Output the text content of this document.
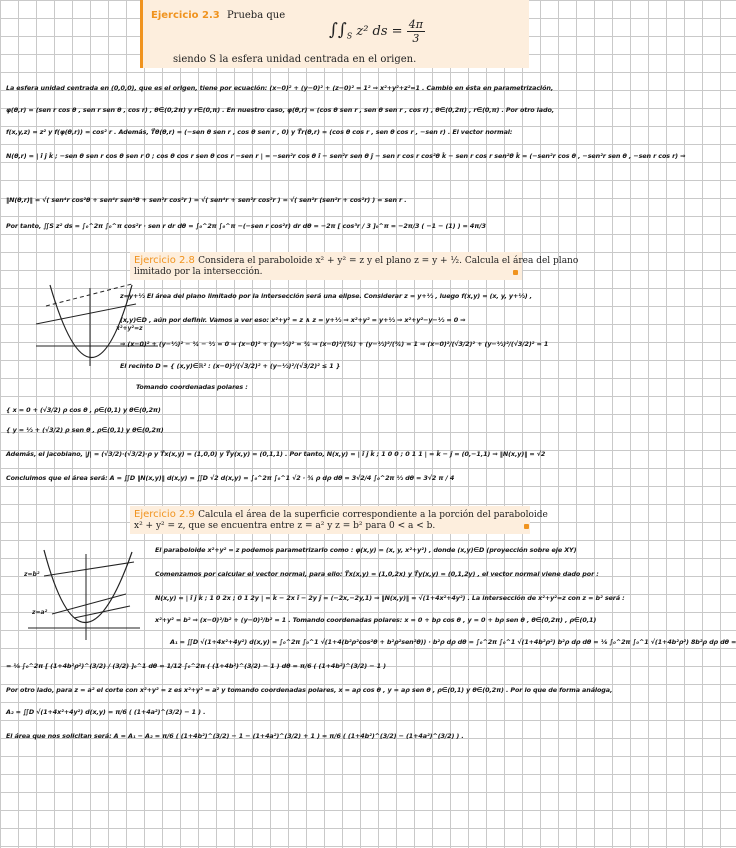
Ejercicio 2.3 Prueba que
$\int\int_S$ z² ds = $\frac{4\pi}{3}$
siendo S la esfera unidad centrada en el origen.
La esfera unidad centrada en (0,0,0), que es el origen, tiene por ecuación: (x−0)² + (y−0)² + (z−0)² = 1² ⇒ x²+y²+z²=1 . Cambio en ésta en parametrización,
φ(θ,r) = (sen r cos θ , sen r sen θ , cos r) , θ∈(0,2π) y r∈(0,π) . En nuestro caso, φ(θ,r) = (cos θ sen r , sen θ sen r , cos r) , θ∈(0,2π) , r∈(0,π) . Por otro lado,
f(x,y,z) = z² y f(φ(θ,r)) = cos² r . Además, T⃗θ(θ,r) = (−sen θ sen r , cos θ sen r , 0) y T⃗r(θ,r) = (cos θ cos r , sen θ cos r , −sen r) . El vector normal:
N(θ,r) = | î ĵ k̂ ; −sen θ sen r cos θ sen r 0 ; cos θ cos r sen θ cos r −sen r | = −sen²r cos θ î − sen²r sen θ ĵ − sen r cos r cos²θ k̂ − sen r cos r sen²θ k̂ = (−sen²r cos θ , −sen²r sen θ , −sen r cos r) ⇒
‖N(θ,r)‖ = √( sen⁴r cos²θ + sen⁴r sen²θ + sen²r cos²r ) = √( sen⁴r + sen²r cos²r ) = √( sen²r (sen²r + cos²r) ) = sen r .
Por tanto, ∬S z² ds = ∫₀^2π ∫₀^π cos²r · sen r dr dθ = ∫₀^2π ∫₀^π −(−sen r cos²r) dr dθ = −2π [ cos³r / 3 ]₀^π = −2π/3 ( −1 − (1) ) = 4π/3
Ejercicio 2.8 Considera el paraboloide x² + y² = z y el plano z = y + ½. Calcula el área del plano
limitado por la intersección.
x²+y²=z
z=y+½ El área del plano limitado por la intersección será una elipse. Considerar z = y+½ , luego f(x,y) = (x, y, y+½) ,
(x,y)∈D , aún por definir. Vamos a ver eso: x²+y² = z ∧ z = y+½ ⇒ x²+y² = y+½ ⇒ x²+y²−y−½ = 0 ⇒
⇒ (x−0)² + (y−½)² − ¼ − ½ = 0 ⇒ (x−0)² + (y−½)² = ¾ ⇒ (x−0)²/(¾) + (y−½)²/(¾) = 1 ⇒ (x−0)²/(√3/2)² + (y−½)²/(√3/2)² = 1
El recinto D = { (x,y)∈ℝ² : (x−0)²/(√3/2)² + (y−½)²/(√3/2)² ≤ 1 }
Tomando coordenadas polares :
{ x = 0 + (√3/2) ρ cos θ , ρ∈(0,1) y θ∈(0,2π)
{ y = ½ + (√3/2) ρ sen θ , ρ∈(0,1) y θ∈(0,2π)
Además, el jacobiano, |J| = (√3/2)·(√3/2)·ρ y T⃗x(x,y) = (1,0,0) y T⃗y(x,y) = (0,1,1) . Por tanto, N(x,y) = | î ĵ k̂ ; 1 0 0 ; 0 1 1 | = k̂ − ĵ = (0,−1,1) ⇒ ‖N(x,y)‖ = √2
Concluimos que el área será: A = ∬D ‖N(x,y)‖ d(x,y) = ∬D √2 d(x,y) = ∫₀^2π ∫₀^1 √2 · ¾ ρ dρ dθ = 3√2/4 ∫₀^2π ½ dθ = 3√2 π / 4
Ejercicio 2.9 Calcula el área de la superficie correspondiente a la porción del paraboloide
x² + y² = z, que se encuentra entre z = a² y z = b² para 0 < a < b.
z=b²
z=a²
El paraboloide x²+y² = z podemos parametrizarlo como : φ(x,y) = (x, y, x²+y²) , donde (x,y)∈D (proyección sobre eje XY)
Comenzamos por calcular el vector normal, para ello: T⃗x(x,y) = (1,0,2x) y T⃗y(x,y) = (0,1,2y) , el vector normal viene dado por :
N(x,y) = | î ĵ k̂ ; 1 0 2x ; 0 1 2y | = k̂ − 2x î − 2y ĵ = (−2x,−2y,1) ⇒ ‖N(x,y)‖ = √(1+4x²+4y²) . La intersección de x²+y²=z con z = b² será :
x²+y² = b² ⇒ (x−0)²/b² + (y−0)²/b² = 1 . Tomando coordenadas polares: x = 0 + bρ cos θ , y = 0 + bρ sen θ , θ∈(0,2π) , ρ∈(0,1)
A₁ = ∬D √(1+4x²+4y²) d(x,y) = ∫₀^2π ∫₀^1 √(1+4(b²ρ²cos²θ + b²ρ²sen²θ)) · b²ρ dρ dθ = ∫₀^2π ∫₀^1 √(1+4b²ρ²) b²ρ dρ dθ = ⅛ ∫₀^2π ∫₀^1 √(1+4b²ρ²) 8b²ρ dρ dθ =
= ⅛ ∫₀^2π [ (1+4b²ρ²)^(3/2) / (3/2) ]₀^1 dθ = 1/12 ∫₀^2π ( (1+4b²)^(3/2) − 1 ) dθ = π/6 ( (1+4b²)^(3/2) − 1 )
Por otro lado, para z = a² el corte con x²+y² = z es x²+y² = a² y tomando coordenadas polares, x = aρ cos θ , y = aρ sen θ , ρ∈(0,1) y θ∈(0,2π) . Por lo que de forma análoga,
A₂ = ∬D √(1+4x²+4y²) d(x,y) = π/6 ( (1+4a²)^(3/2) − 1 ) .
El área que nos solicitan será: A = A₁ − A₂ = π/6 ( (1+4b²)^(3/2) − 1 − (1+4a²)^(3/2) + 1 ) = π/6 ( (1+4b²)^(3/2) − (1+4a²)^(3/2) ) .
